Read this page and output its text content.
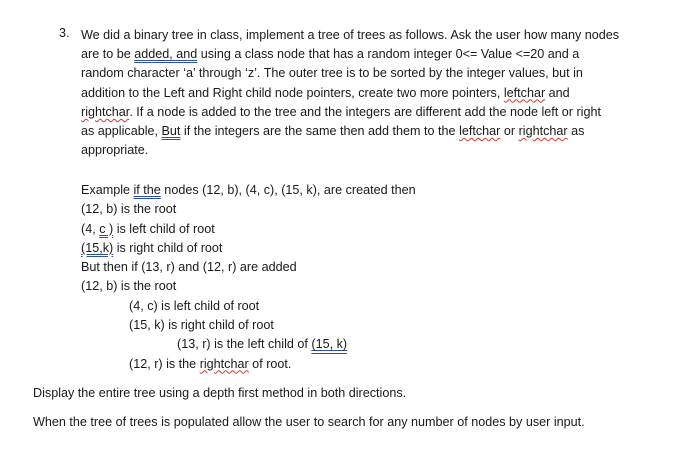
3. We did a binary tree in class, implement a tree of trees as follows. Ask the user how many nodes
are to be added, and using a class node that has a random integer 0<= Value <=20 and a
random character ‘a’ through ‘z’. The outer tree is to be sorted by the integer values, but in
addition to the Left and Right child node pointers, create two more pointers, leftchar and
rightchar. If a node is added to the tree and the integers are different add the node left or right
as applicable, But if the integers are the same then add them to the leftchar or rightchar as
appropriate.
Example if the nodes (12, b), (4, c), (15, k), are created then
(12, b) is the root
(4, c ) is left child of root
(15,k) is right child of root
But then if (13, r) and (12, r) are added
(12, b) is the root
(4, c) is left child of root
(15, k) is right child of root
(13, r) is the left child of (15, k)
(12, r) is the rightchar of root.
Display the entire tree using a depth first method in both directions.
When the tree of trees is populated allow the user to search for any number of nodes by user input.
